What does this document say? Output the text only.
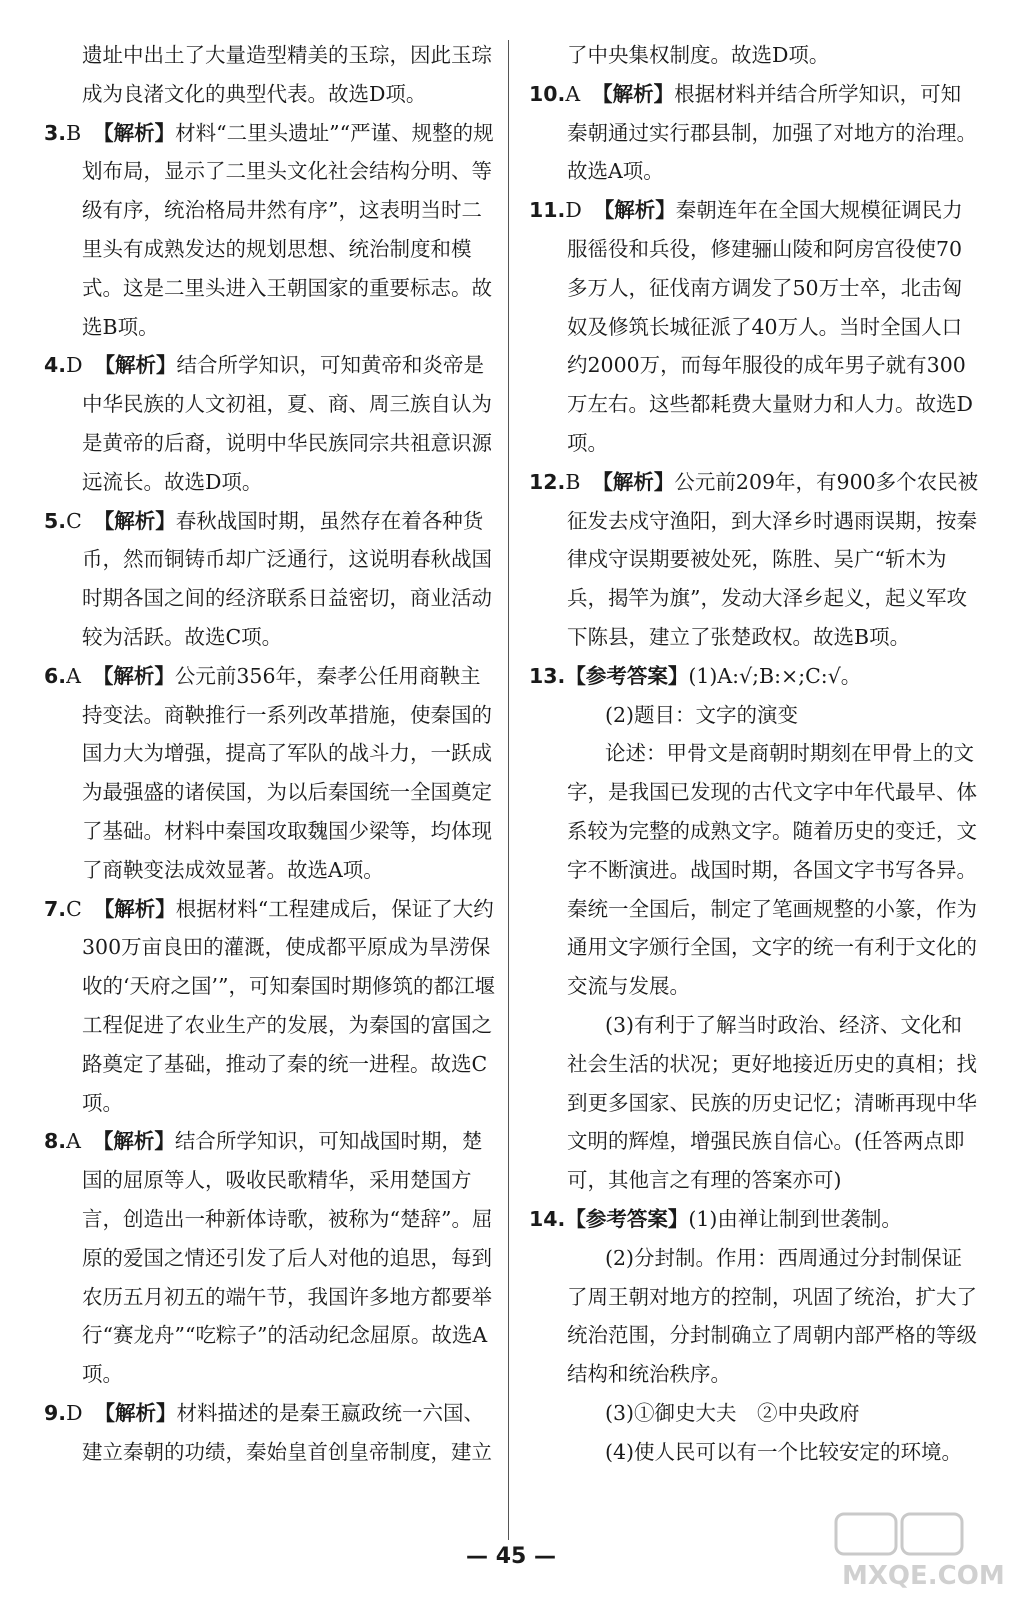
遗址中出土了大量造型精美的玉琮，因此玉琮成为良渚文化的典型代表。故选D项。
3.B 【解析】材料“二里头遗址”“严谨、规整的规划布局，显示了二里头文化社会结构分明、等级有序，统治格局井然有序”，这表明当时二里头有成熟发达的规划思想、统治制度和模式。这是二里头进入王朝国家的重要标志。故选B项。
4.D 【解析】结合所学知识，可知黄帝和炎帝是中华民族的人文初祖，夏、商、周三族自认为是黄帝的后裔，说明中华民族同宗共祖意识源远流长。故选D项。
5.C 【解析】春秋战国时期，虽然存在着各种货币，然而铜铸币却广泛通行，这说明春秋战国时期各国之间的经济联系日益密切，商业活动较为活跃。故选C项。
6.A 【解析】公元前356年，秦孝公任用商鞅主持变法。商鞅推行一系列改革措施，使秦国的国力大为增强，提高了军队的战斗力，一跃成为最强盛的诸侯国，为以后秦国统一全国奠定了基础。材料中秦国攻取魏国少梁等，均体现了商鞅变法成效显著。故选A项。
7.C 【解析】根据材料“工程建成后，保证了大约300万亩良田的灌溉，使成都平原成为旱涝保收的‘天府之国’”，可知秦国时期修筑的都江堰工程促进了农业生产的发展，为秦国的富国之路奠定了基础，推动了秦的统一进程。故选C项。
8.A 【解析】结合所学知识，可知战国时期，楚国的屈原等人，吸收民歌精华，采用楚国方言，创造出一种新体诗歌，被称为“楚辞”。屈原的爱国之情还引发了后人对他的追思，每到农历五月初五的端午节，我国许多地方都要举行“赛龙舟”“吃粽子”的活动纪念屈原。故选A项。
9.D 【解析】材料描述的是秦王嬴政统一六国、建立秦朝的功绩，秦始皇首创皇帝制度，建立
了中央集权制度。故选D项。
10.A 【解析】根据材料并结合所学知识，可知秦朝通过实行郡县制，加强了对地方的治理。故选A项。
11.D 【解析】秦朝连年在全国大规模征调民力服徭役和兵役，修建骊山陵和阿房宫役使70多万人，征伐南方调发了50万士卒，北击匈奴及修筑长城征派了40万人。当时全国人口约2000万，而每年服役的成年男子就有300万左右。这些都耗费大量财力和人力。故选D项。
12.B 【解析】公元前209年，有900多个农民被征发去戍守渔阳，到大泽乡时遇雨误期，按秦律戍守误期要被处死，陈胜、吴广“斩木为兵，揭竿为旗”，发动大泽乡起义，起义军攻下陈县，建立了张楚政权。故选B项。
13.【参考答案】(1)A:√;B:×;C:√。
(2)题目：文字的演变
论述：甲骨文是商朝时期刻在甲骨上的文字，是我国已发现的古代文字中年代最早、体系较为完整的成熟文字。随着历史的变迁，文字不断演进。战国时期，各国文字书写各异。秦统一全国后，制定了笔画规整的小篆，作为通用文字颁行全国，文字的统一有利于文化的交流与发展。
(3)有利于了解当时政治、经济、文化和社会生活的状况；更好地接近历史的真相；找到更多国家、民族的历史记忆；清晰再现中华文明的辉煌，增强民族自信心。(任答两点即可，其他言之有理的答案亦可)
14.【参考答案】(1)由禅让制到世袭制。
(2)分封制。作用：西周通过分封制保证了周王朝对地方的控制，巩固了统治，扩大了统治范围，分封制确立了周朝内部严格的等级结构和统治秩序。
(3)①御史大夫　②中央政府
(4)使人民可以有一个比较安定的环境。
— 45 —
MXQE.COM
